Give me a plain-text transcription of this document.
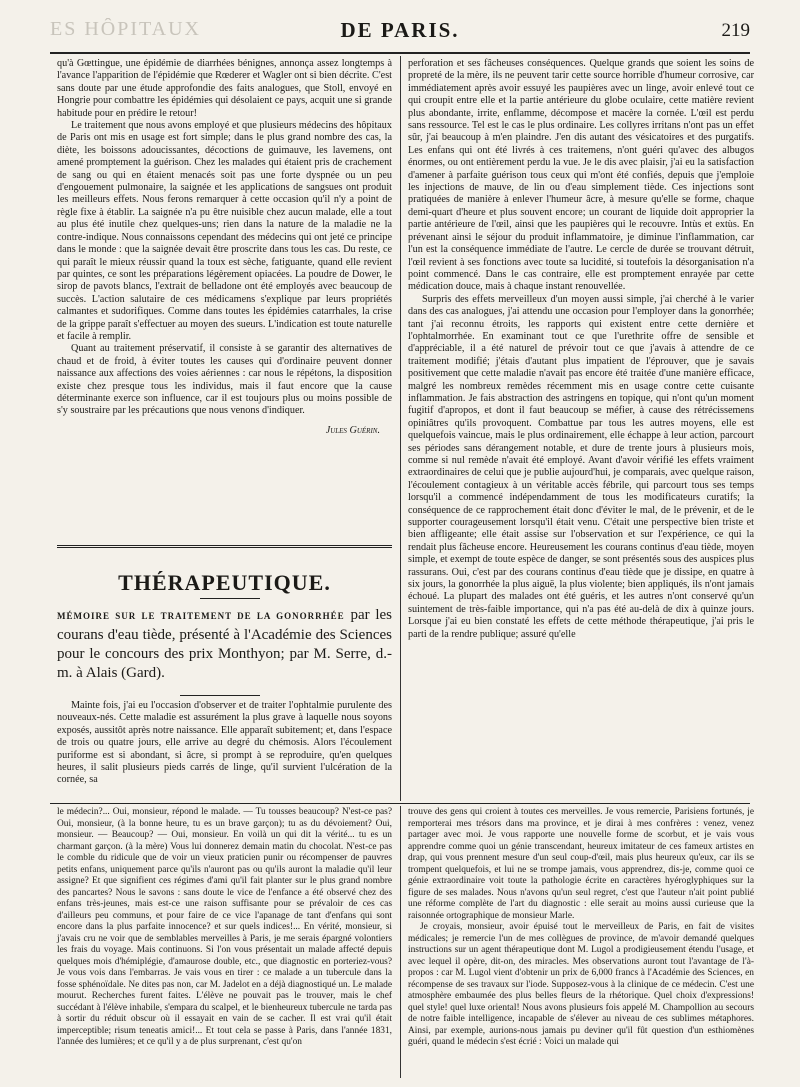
ES HÔPITAUX	DE PARIS.	219

qu'à Gœttingue, une épidémie de diarrhées bénignes, annonça assez longtemps à l'avance l'apparition de l'épidémie que Rœderer et Wagler ont si bien décrite. C'est sans doute par une étude approfondie des faits analogues, que Stoll, envoyé en Hongrie pour combattre les épidémies qui désolaient ce pays, acquit une si grande habitude pour en prédire le retour!

Le traitement que nous avons employé et que plusieurs médecins des hôpitaux de Paris ont mis en usage est fort simple; dans le plus grand nombre des cas, la diète, les boissons adoucissantes, décoctions de guimauve, les lavemens, ont amené promptement la guérison. Chez les malades qui étaient pris de crachement de sang ou qui en étaient menacés soit pas une forte dyspnée ou un peu d'engouement pulmonaire, la saignée et les applications de sangsues ont produit les meilleurs effets. Nous ferons remarquer à cette occasion qu'il n'y a point de règle fixe à établir. La saignée n'a pu être nuisible chez aucun malade, elle a tout au plus été inutile chez quelques-uns; rien dans la nature de la maladie ne la contre-indique. Nous connaissons cependant des médecins qui ont jeté ce principe dans le monde : que la saignée devait être proscrite dans tous les cas. Du reste, ce qui paraît le mieux réussir quand la toux est sèche, fatiguante, quand elle revient par quintes, ce sont les préparations légèrement opiacées. La poudre de Dower, le sirop de pavots blancs, l'extrait de belladone ont été employés avec beaucoup de succès. L'action salutaire de ces médicamens s'explique par leurs propriétés calmantes et sudorifiques. Comme dans toutes les épidémies catarrhales, la crise de la grippe paraît s'effectuer au moyen des sueurs. L'indication est toute naturelle et facile à remplir.

Quant au traitement préservatif, il consiste à se garantir des alternatives de chaud et de froid, à éviter toutes les causes qui d'ordinaire peuvent donner naissance aux affections des voies aériennes : car nous le répétons, la disposition existe chez presque tous les individus, mais il faut encore que la cause déterminante exerce son influence, car il est toujours plus ou moins possible de s'y soustraire par les précautions que nous venons d'indiquer.

Jules Guérin.
THÉRAPEUTIQUE.
MÉMOIRE SUR LE TRAITEMENT DE LA GONORRHÉE par les courans d'eau tiède, présenté à l'Académie des Sciences pour le concours des prix Monthyon; par M. Serre, d.-m. à Alais (Gard).

Mainte fois, j'ai eu l'occasion d'observer et de traiter l'ophtalmie purulente des nouveaux-nés. Cette maladie est assurément la plus grave à laquelle nous soyons exposés, aussitôt après notre naissance. Elle apparaît subitement; et, dans l'espace de trois ou quatre jours, elle arrive au degré du chémosis. Alors l'écoulement puriforme est si abondant, si âcre, si prompt à se reproduire, qu'en quelques heures, il salit plusieurs pieds carrés de linge, qu'il survient l'ulcération de la cornée, sa

perforation et ses fâcheuses conséquences. Quelque grands que soient les soins de propreté de la mère, ils ne peuvent tarir cette source horrible d'humeur corrosive, car immédiatement après avoir essuyé les paupières avec un linge, avoir enlevé tout ce qui croupit entre elle et la partie antérieure du globe oculaire, cette matière revient plus abondante, irrite, enflamme, décompose et macère la cornée. L'œil est perdu sans ressource. Tel est le cas le plus ordinaire. Les collyres irritans n'ont pas un effet sûr, j'ai beaucoup à m'en plaindre. J'en dis autant des vésicatoires et des purgatifs. Les enfans qui ont été livrés à ces traitemens, n'ont guéri qu'avec des albugos énormes, ou ont entièrement perdu la vue. Je le dis avec plaisir, j'ai eu la satisfaction d'amener à parfaite guérison tous ceux qui m'ont été confiés, depuis que j'emploie les injections de mauve, de lin ou d'eau simplement tiède. Ces injections sont pratiquées de manière à enlever l'humeur âcre, à mesure qu'elle se forme, chaque demi-quart d'heure et plus souvent encore; un courant de liquide doit approprier la partie antérieure de l'œil, ainsi que les paupières qui le recouvre. Intùs et extùs. En prévenant ainsi le séjour du produit inflammatoire, je diminue l'inflammation, car l'un est la conséquence immédiate de l'autre. Le cercle de durée se trouvant détruit, l'œil revient à ses fonctions avec toute sa lucidité, si toutefois la désorganisation n'a point commencé. Dans le cas contraire, elle est promptement enrayée par cette médication douce, mais à chaque instant renouvellée.

Surpris des effets merveilleux d'un moyen aussi simple, j'ai cherché à le varier dans des cas analogues, j'ai attendu une occasion pour l'employer dans la gonorrhée; tant j'ai reconnu étroits, les rapports qui existent entre cette dernière et l'ophtalmorrhée. En examinant tout ce que l'urethrite offre de sensible et d'appréciable, il a été naturel de prévoir tout ce que j'avais à attendre de ce traitement modifié; j'étais d'autant plus impatient de l'éprouver, que je savais positivement que cette maladie n'avait pas encore été traitée d'une manière efficace, malgré les nombreux remèdes récemment mis en usage contre cette cuisante inflammation. Je fais abstraction des astringens en topique, qui n'ont qu'un moment fugitif d'apropos, et dont il faut beaucoup se méfier, à cause des rétrécissemens opiniâtres qu'ils provoquent. Combattue par tous les autres moyens, elle est quelquefois vaincue, mais le plus ordinairement, elle échappe à leur action, parcourt ses périodes sans dérangement notable, et dure de trente jours à plusieurs mois, comme si nul remède n'avait été employé. Avant d'avoir vérifié les effets vraiment extraordinaires de celui que je publie aujourd'hui, je comparais, avec quelque raison, l'écoulement contagieux à un véritable accès fébrile, qui parcourt tous ses temps lorsqu'il a commencé indépendamment de tous les modificateurs curatifs; la conséquence de ce rapprochement était donc d'éviter le mal, de le prévenir, et de le supporter courageusement lorsqu'il était venu. C'était une perspective bien triste et bien affligeante; elle était assise sur l'observation et sur l'expérience, ce qui la rendait plus fâcheuse encore. Heureusement les courans continus d'eau tiède, moyen simple, et exempt de toute espèce de danger, se sont présentés sous des auspices plus rassurans. Oui, c'est par des courans continus d'eau tiède que je dissipe, en quatre à six jours, la gonorrhée la plus aiguë, la plus violente; bien appliqués, ils n'ont jamais échoué. La plupart des malades ont été guéris, et les autres n'ont conservé qu'un suintement de très-faible importance, qui n'a pas été au-delà de dix à quinze jours. Lorsque j'ai eu bien constaté les effets de cette méthode thérapeutique, j'ai pris le parti de la rendre publique; assuré qu'elle

le médecin?... Oui, monsieur, répond le malade. — Tu tousses beaucoup? N'est-ce pas? Oui, monsieur, (à la bonne heure, tu es un brave garçon); tu as du dévoiement? Oui, monsieur. — Beaucoup? — Oui, monsieur. En voilà un qui dit la vérité... tu es un charmant garçon. (à la mère) Vous lui donnerez demain matin du chocolat. N'est-ce pas le comble du ridicule que de voir un vieux praticien punir ou récompenser de pauvres petits enfans, uniquement parce qu'ils n'auront pas ou qu'ils auront la maladie qu'il leur assigne? Et que signifient ces régimes d'ami qu'il fait planter sur le plus grand nombre des pancartes? Nous le savons : sans doute le vice de l'enfance a été observé chez des enfans très-jeunes, mais est-ce une raison suffisante pour se prévaloir de ces cas d'ailleurs peu communs, et pour faire de ce vice l'apanage de tant d'enfans qui sont encore dans la plus parfaite innocence? et sur quels indices!... En vérité, monsieur, si j'avais cru ne voir que de semblables merveilles à Paris, je me serais épargné volontiers les frais du voyage. Mais continuons. Si l'on vous présentait un malade affecté depuis quelques mois d'hémiplégie, d'amaurose double, etc., que diagnostic en porteriez-vous? Je vous vois dans l'embarras. Je vais vous en tirer : ce malade a un tubercule dans la fosse sphénoïdale. Ne dites pas non, car M. Jadelot en a déjà diagnostiqué un. Le malade mourut. Recherches furent faites. L'élève ne pouvait pas le trouver, mais le chef succédant à l'élève inhabile, s'empara du scalpel, et le bienheureux tubercule ne tarda pas à sortir du réduit obscur où il essayait en vain de se cacher. Il est vrai qu'il était imperceptible; risum teneatis amici!... Et tout cela se passe à Paris, dans l'année 1831, l'année des lumières; et ce qu'il y a de plus surprenant, c'est qu'on

trouve des gens qui croient à toutes ces merveilles. Je vous remercie, Parisiens fortunés, je remporterai mes trésors dans ma province, et je dirai à mes confrères : venez, venez partager avec moi. Je vous rapporte une nouvelle forme de scorbut, et je vais vous apprendre comme quoi un génie transcendant, heureux imitateur de ces fameux artistes en drap, qui vous prennent mesure d'un seul coup-d'œil, mais plus heureux qu'eux, car ils se trompent quelquefois, et lui ne se trompe jamais, vous apprendrez, dis-je, comme quoi ce génie extraordinaire voit toute la pathologie écrite en caractères hyéroglyphiques sur la figure de ses malades. Nous n'avons qu'un seul regret, c'est que l'auteur n'ait point publié une réforme complète de l'art du diagnostic : elle serait au moins aussi curieuse que la raisonnée ortographique de monsieur Marle.

Je croyais, monsieur, avoir épuisé tout le merveilleux de Paris, en fait de visites médicales; je remercie l'un de mes collègues de province, de m'avoir demandé quelques instructions sur un agent thérapeutique dont M. Lugol a prodigieusement étendu l'usage, et avec lequel il opère, dit-on, des miracles. Mes observations auront tout l'avantage de l'à-propos : car M. Lugol vient d'obtenir un prix de 6,000 francs à l'Académie des Sciences, en récompense de ses travaux sur l'iode. Supposez-vous à la clinique de ce médecin. C'est une atmosphère embaumée des plus belles fleurs de la rhétorique. Quel choix d'expressions! quel style! quel luxe oriental! Nous avons plusieurs fois appelé M. Champollion au secours de notre faible intelligence, incapable de s'élever au niveau de ces sublimes métaphores. Ainsi, par exemple, aurions-nous jamais pu deviner qu'il fût question d'un esthiomènes guéri, quand le médecin s'est écrié : Voici un malade qui
